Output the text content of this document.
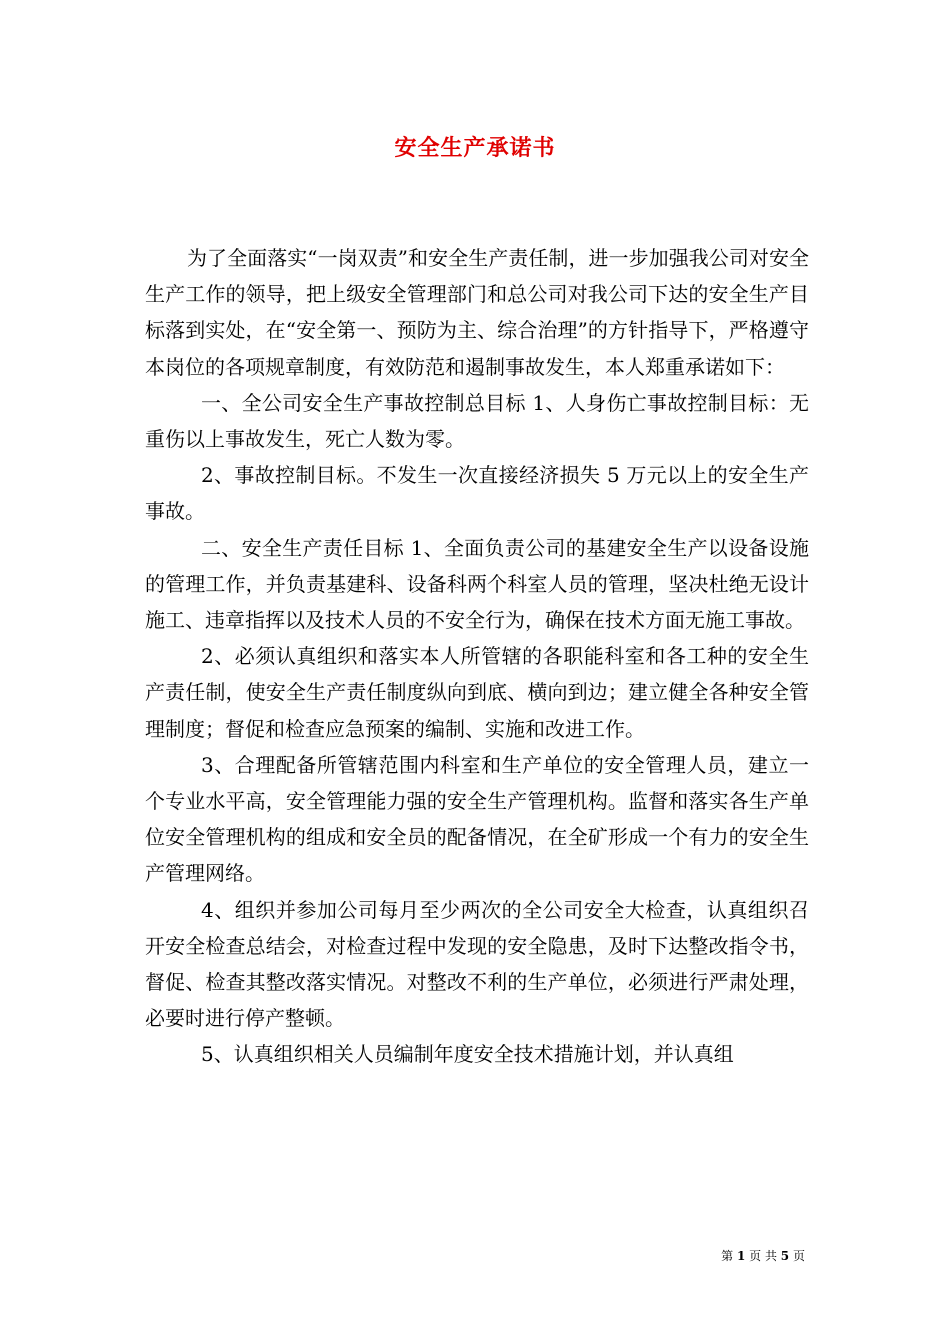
安全生产承诺书

为了全面落实“一岗双责”和安全生产责任制，进一步加强我公司对安全生产工作的领导，把上级安全管理部门和总公司对我公司下达的安全生产目标落到实处，在“安全第一、预防为主、综合治理”的方针指导下，严格遵守本岗位的各项规章制度，有效防范和遏制事故发生，本人郑重承诺如下：

一、全公司安全生产事故控制总目标 1、人身伤亡事故控制目标：无重伤以上事故发生，死亡人数为零。

2、事故控制目标。不发生一次直接经济损失 5 万元以上的安全生产事故。

二、安全生产责任目标 1、全面负责公司的基建安全生产以设备设施的管理工作，并负责基建科、设备科两个科室人员的管理，坚决杜绝无设计施工、违章指挥以及技术人员的不安全行为，确保在技术方面无施工事故。

2、必须认真组织和落实本人所管辖的各职能科室和各工种的安全生产责任制，使安全生产责任制度纵向到底、横向到边；建立健全各种安全管理制度；督促和检查应急预案的编制、实施和改进工作。

3、合理配备所管辖范围内科室和生产单位的安全管理人员，建立一个专业水平高，安全管理能力强的安全生产管理机构。监督和落实各生产单位安全管理机构的组成和安全员的配备情况，在全矿形成一个有力的安全生产管理网络。

4、组织并参加公司每月至少两次的全公司安全大检查，认真组织召开安全检查总结会，对检查过程中发现的安全隐患，及时下达整改指令书，督促、检查其整改落实情况。对整改不利的生产单位，必须进行严肃处理，必要时进行停产整顿。

5、认真组织相关人员编制年度安全技术措施计划，并认真组

第 1 页 共 5 页
